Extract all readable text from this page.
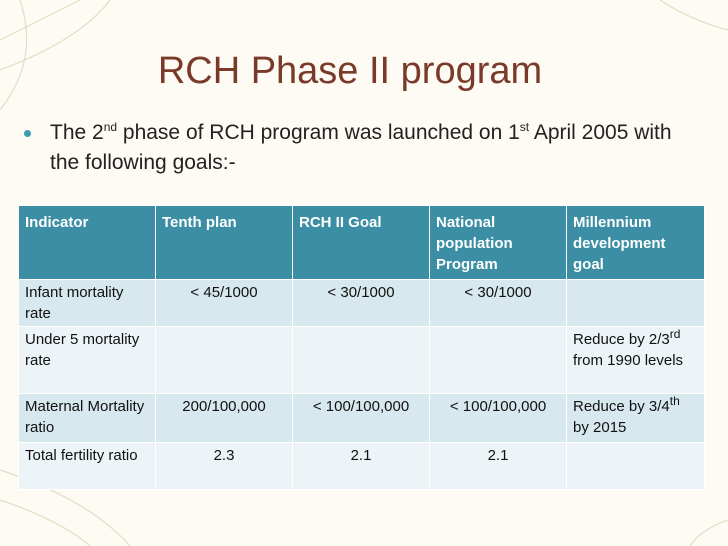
RCH Phase II program
The 2nd phase of RCH program was launched on 1st April 2005 with the following goals:-
Indicator	Tenth plan	RCH II Goal	National population Program	Millennium development goal
Infant mortality rate	< 45/1000	< 30/1000	< 30/1000	
Under 5 mortality rate				Reduce by 2/3rd from 1990 levels
Maternal Mortality ratio	200/100,000	< 100/100,000	< 100/100,000	Reduce by 3/4th by 2015
Total fertility ratio	2.3	2.1	2.1	
